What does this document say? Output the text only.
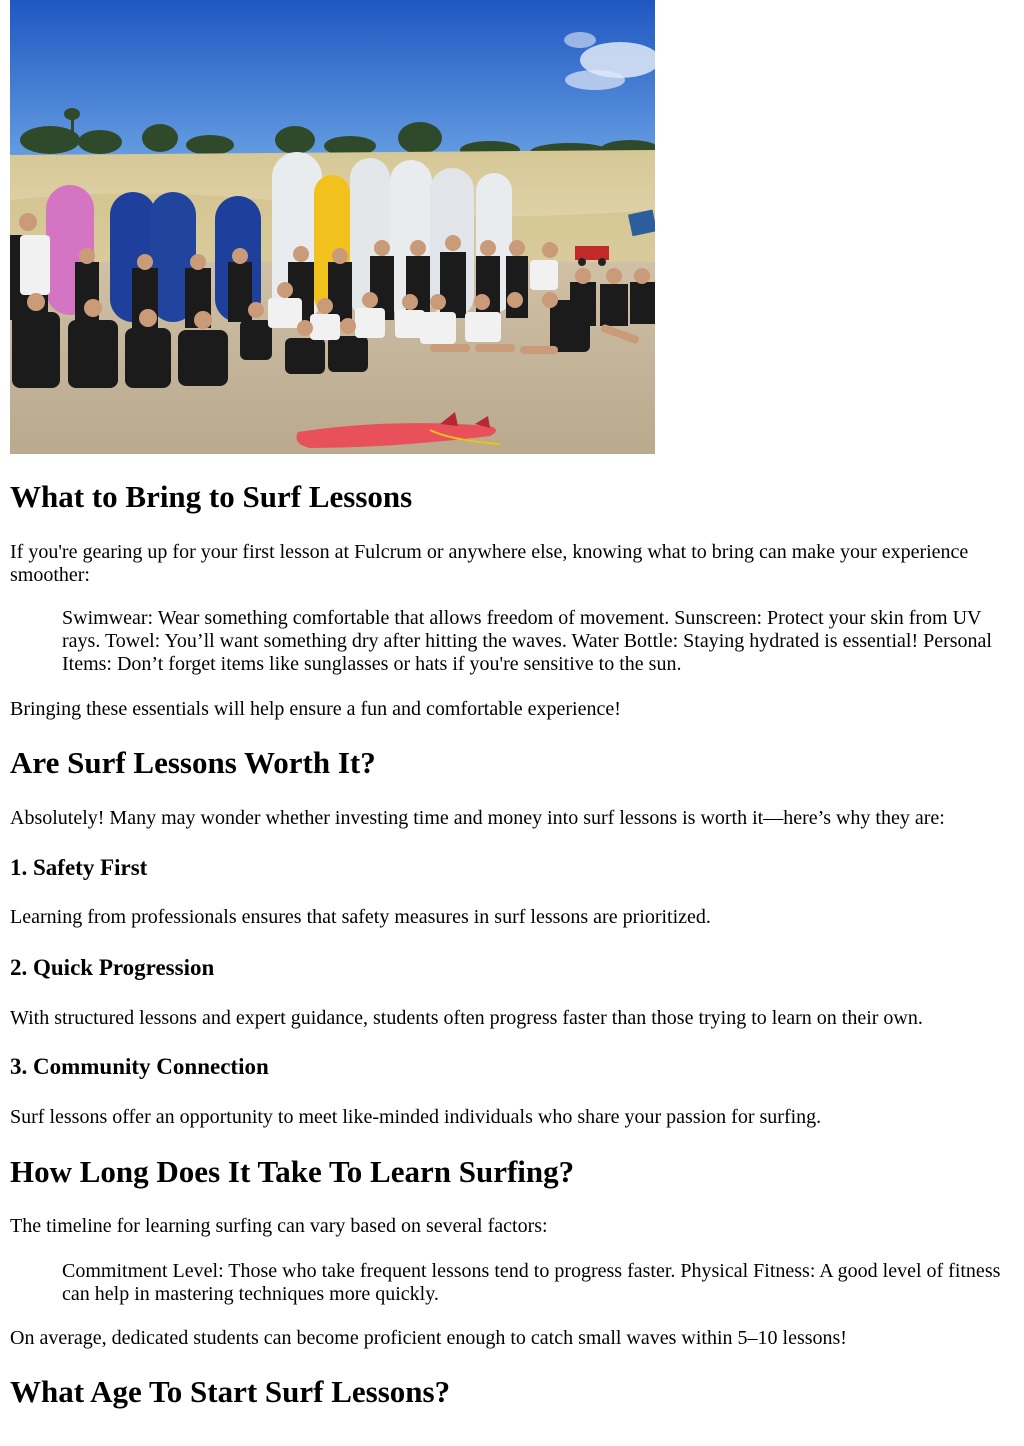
What to Bring to Surf Lessons

If you're gearing up for your first lesson at Fulcrum or anywhere else, knowing what to bring can make your experience smoother:

Swimwear: Wear something comfortable that allows freedom of movement. Sunscreen: Protect your skin from UV rays. Towel: You’ll want something dry after hitting the waves. Water Bottle: Staying hydrated is essential! Personal Items: Don’t forget items like sunglasses or hats if you're sensitive to the sun.

Bringing these essentials will help ensure a fun and comfortable experience!

Are Surf Lessons Worth It?

Absolutely! Many may wonder whether investing time and money into surf lessons is worth it—here’s why they are:

1. Safety First

Learning from professionals ensures that safety measures in surf lessons are prioritized.

2. Quick Progression

With structured lessons and expert guidance, students often progress faster than those trying to learn on their own.

3. Community Connection

Surf lessons offer an opportunity to meet like-minded individuals who share your passion for surfing.

How Long Does It Take To Learn Surfing?

The timeline for learning surfing can vary based on several factors:

Commitment Level: Those who take frequent lessons tend to progress faster. Physical Fitness: A good level of fitness can help in mastering techniques more quickly.

On average, dedicated students can become proficient enough to catch small waves within 5–10 lessons!

What Age To Start Surf Lessons?
